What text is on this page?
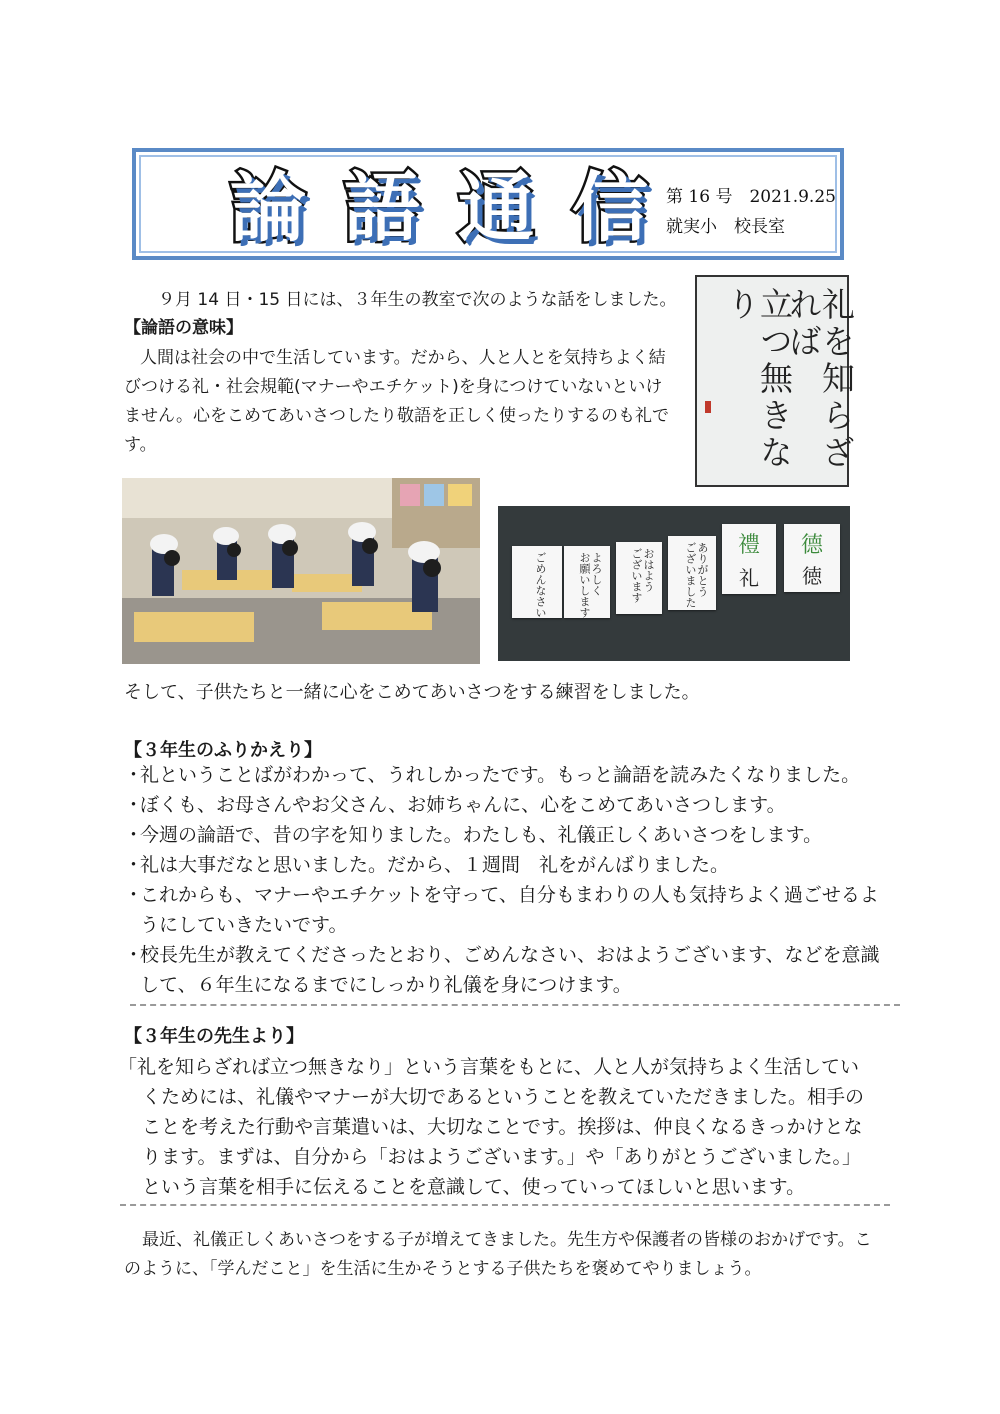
論 語 通 信	第 16 号　2021.9.25
就実小　校長室
９月 14 日・15 日には、３年生の教室で次のような話をしました。
【論語の意味】
人間は社会の中で生活しています。だから、人と人とを気持ちよく結
びつける礼・社会規範(マナーやエチケット)を身につけていないといけ
ません。心をこめてあいさつしたり敬語を正しく使ったりするのも礼で
す。	礼を知らざれば
立つ無きなり
ごめんなさい	よろしく
お願いします	おはよう
ございます	ありがとう
ございました	禮
礼
德
徳
そして、子供たちと一緒に心をこめてあいさつをする練習をしました。
【３年生のふりかえり】
・
礼ということばがわかって、うれしかったです。もっと論語を読みたくなりました。
・
ぼくも、お母さんやお父さん、お姉ちゃんに、心をこめてあいさつします。
・
今週の論語で、昔の字を知りました。わたしも、礼儀正しくあいさつをします。
・
礼は大事だなと思いました。だから、１週間　礼をがんばりました。
・
これからも、マナーやエチケットを守って、自分もまわりの人も気持ちよく過ごせるようにしていきたいです。
・
校長先生が教えてくださったとおり、ごめんなさい、おはようございます、などを意識して、６年生になるまでにしっかり礼儀を身につけます。
【３年生の先生より】
「礼を知らざれば立つ無きなり」という言葉をもとに、人と人が気持ちよく生活してい
くためには、礼儀やマナーが大切であるということを教えていただきました。相手の
ことを考えた行動や言葉遣いは、大切なことです。挨拶は、仲良くなるきっかけとな
ります。まずは、自分から「おはようございます。」や「ありがとうございました。」
という言葉を相手に伝えることを意識して、使っていってほしいと思います。
最近、礼儀正しくあいさつをする子が増えてきました。先生方や保護者の皆様のおかげです。こ
のように、「学んだこと」を生活に生かそうとする子供たちを褒めてやりましょう。
